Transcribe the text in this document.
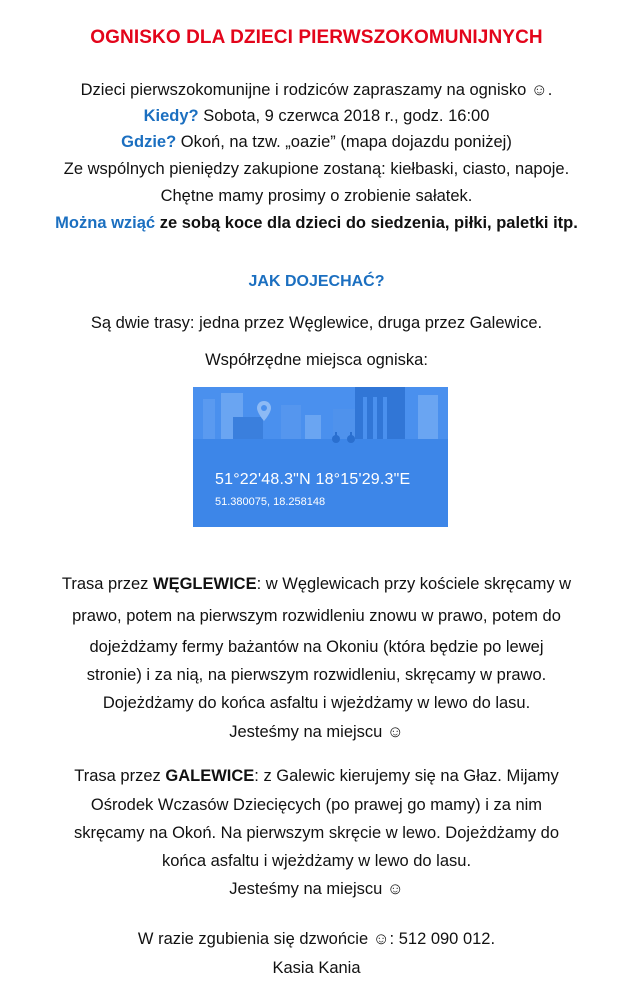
OGNISKO DLA DZIECI PIERWSZOKOMUNIJNYCH
Dzieci pierwszokomunijne i rodziców zapraszamy na ognisko ☺.
Kiedy? Sobota, 9 czerwca 2018 r., godz. 16:00
Gdzie? Okoń, na tzw. „oazie” (mapa dojazdu poniżej)
Ze wspólnych pieniędzy zakupione zostaną: kiełbaski, ciasto, napoje.
Chętne mamy prosimy o zrobienie sałatek.
Można wziąć ze sobą koce dla dzieci do siedzenia, piłki, paletki itp.
JAK DOJECHAĆ?
Są dwie trasy: jedna przez Węglewice, druga przez Galewice.
Współrzędne miejsca ogniska:
51°22'48.3"N 18°15'29.3"E
51.380075, 18.258148
Trasa przez WĘGLEWICE: w Węglewicach przy kościele skręcamy w
prawo, potem na pierwszym rozwidleniu znowu w prawo, potem do
dojeżdżamy fermy bażantów na Okoniu (która będzie po lewej
stronie) i za nią, na pierwszym rozwidleniu, skręcamy w prawo.
Dojeżdżamy do końca asfaltu i wjeżdżamy w lewo do lasu.
Jesteśmy na miejscu ☺
Trasa przez GALEWICE: z Galewic kierujemy się na Głaz. Mijamy
Ośrodek Wczasów Dziecięcych (po prawej go mamy) i za nim
skręcamy na Okoń. Na pierwszym skręcie w lewo. Dojeżdżamy do
końca asfaltu i wjeżdżamy w lewo do lasu.
Jesteśmy na miejscu ☺
W razie zgubienia się dzwońcie ☺: 512 090 012.
Kasia Kania
